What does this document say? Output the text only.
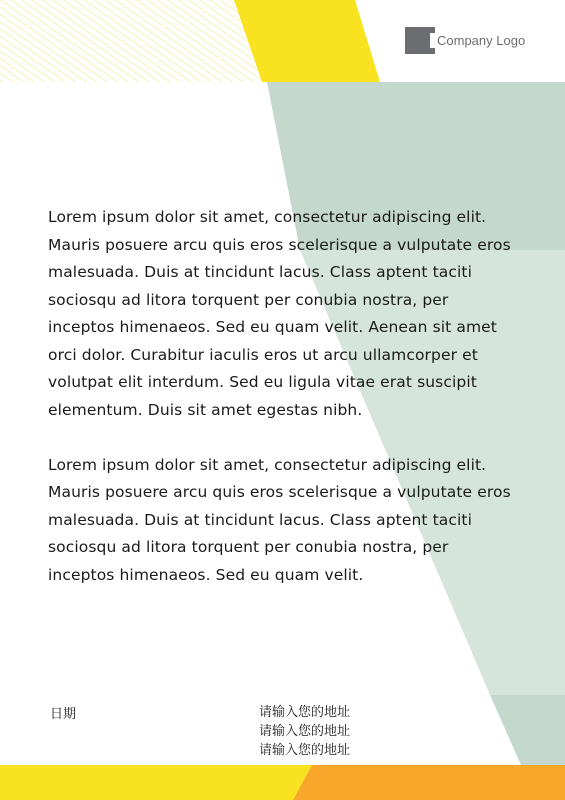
Company Logo

Lorem ipsum dolor sit amet, consectetur adipiscing elit. Mauris posuere arcu quis eros scelerisque a vulputate eros malesuada. Duis at tincidunt lacus. Class aptent taciti sociosqu ad litora torquent per conubia nostra, per inceptos himenaeos. Sed eu quam velit. Aenean sit amet orci dolor. Curabitur iaculis eros ut arcu ullamcorper et volutpat elit interdum. Sed eu ligula vitae erat suscipit elementum. Duis sit amet egestas nibh.

Lorem ipsum dolor sit amet, consectetur adipiscing elit. Mauris posuere arcu quis eros scelerisque a vulputate eros malesuada. Duis at tincidunt lacus. Class aptent taciti sociosqu ad litora torquent per conubia nostra, per inceptos himenaeos. Sed eu quam velit.

日期	请输入您的地址
请输入您的地址
请输入您的地址
